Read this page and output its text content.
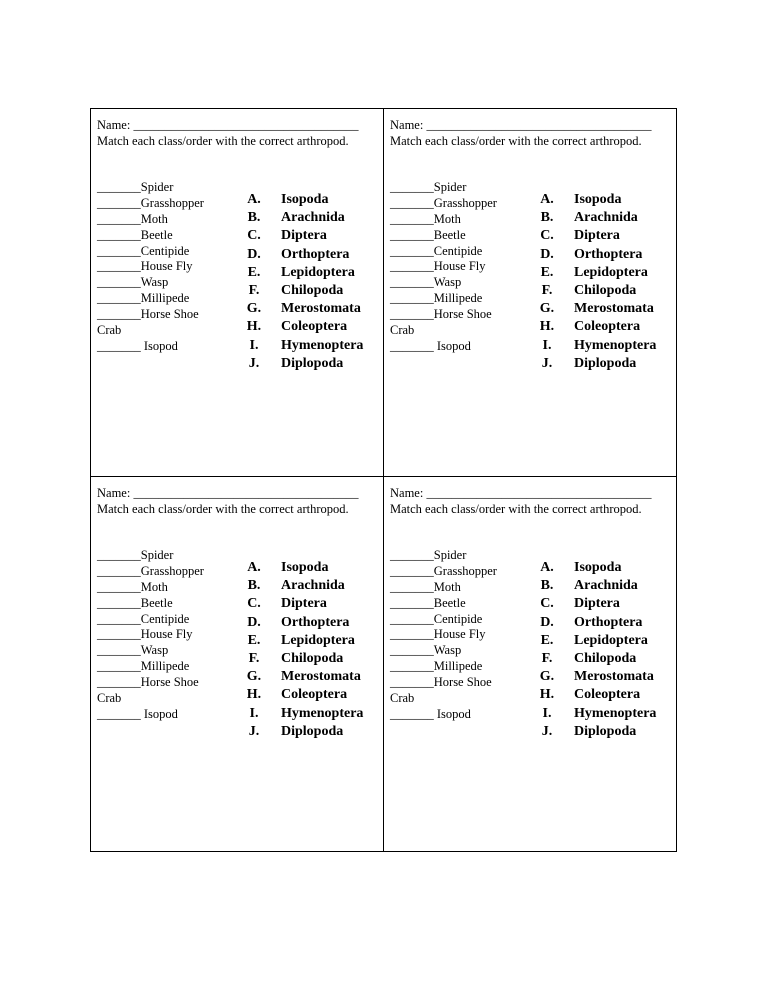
Name: ____________________________________
Match each class/order with the correct arthropod.
_______Spider
_______Grasshopper
_______Moth
_______Beetle
_______Centipide
_______House Fly
_______Wasp
_______Millipede
_______Horse Shoe
Crab
_______ Isopod
A.	Isopoda
B.	Arachnida
C.	Diptera
D.	Orthoptera
E.	Lepidoptera
F.	Chilopoda
G.	Merostomata
H.	Coleoptera
I.	Hymenoptera
J.	Diplopoda
Name: ____________________________________
Match each class/order with the correct arthropod.
_______Spider
_______Grasshopper
_______Moth
_______Beetle
_______Centipide
_______House Fly
_______Wasp
_______Millipede
_______Horse Shoe
Crab
_______ Isopod
A.	Isopoda
B.	Arachnida
C.	Diptera
D.	Orthoptera
E.	Lepidoptera
F.	Chilopoda
G.	Merostomata
H.	Coleoptera
I.	Hymenoptera
J.	Diplopoda
Name: ____________________________________
Match each class/order with the correct arthropod.
_______Spider
_______Grasshopper
_______Moth
_______Beetle
_______Centipide
_______House Fly
_______Wasp
_______Millipede
_______Horse Shoe
Crab
_______ Isopod
A.	Isopoda
B.	Arachnida
C.	Diptera
D.	Orthoptera
E.	Lepidoptera
F.	Chilopoda
G.	Merostomata
H.	Coleoptera
I.	Hymenoptera
J.	Diplopoda
Name: ____________________________________
Match each class/order with the correct arthropod.
_______Spider
_______Grasshopper
_______Moth
_______Beetle
_______Centipide
_______House Fly
_______Wasp
_______Millipede
_______Horse Shoe
Crab
_______ Isopod
A.	Isopoda
B.	Arachnida
C.	Diptera
D.	Orthoptera
E.	Lepidoptera
F.	Chilopoda
G.	Merostomata
H.	Coleoptera
I.	Hymenoptera
J.	Diplopoda
